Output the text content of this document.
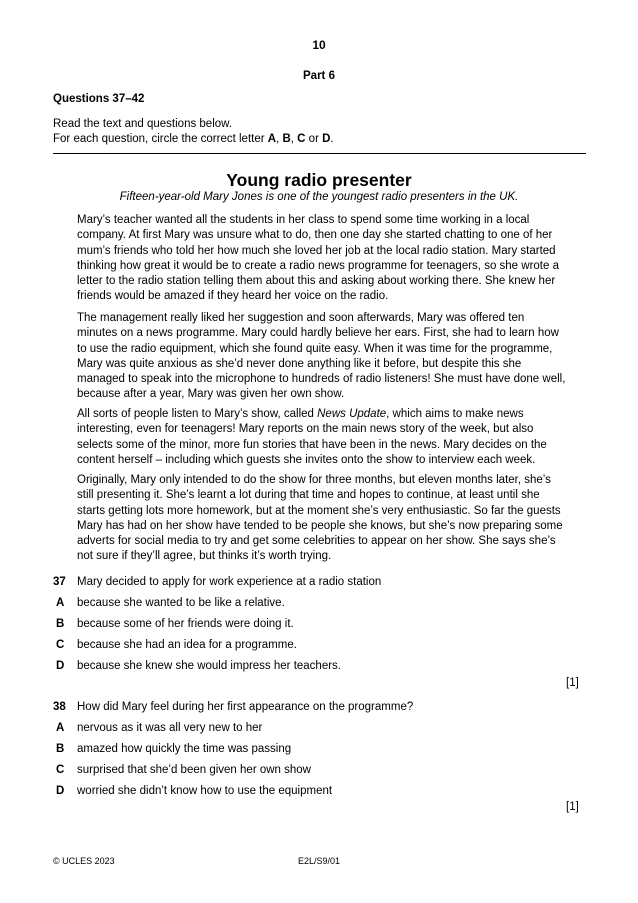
10
Part 6
Questions 37–42
Read the text and questions below.
For each question, circle the correct letter A, B, C or D.
Young radio presenter
Fifteen-year-old Mary Jones is one of the youngest radio presenters in the UK.

Mary’s teacher wanted all the students in her class to spend some time working in a local company. At first Mary was unsure what to do, then one day she started chatting to one of her mum’s friends who told her how much she loved her job at the local radio station. Mary started thinking how great it would be to create a radio news programme for teenagers, so she wrote a letter to the radio station telling them about this and asking about working there. She knew her friends would be amazed if they heard her voice on the radio.

The management really liked her suggestion and soon afterwards, Mary was offered ten minutes on a news programme. Mary could hardly believe her ears. First, she had to learn how to use the radio equipment, which she found quite easy. When it was time for the programme, Mary was quite anxious as she’d never done anything like it before, but despite this she managed to speak into the microphone to hundreds of radio listeners! She must have done well, because after a year, Mary was given her own show.

All sorts of people listen to Mary’s show, called News Update, which aims to make news interesting, even for teenagers! Mary reports on the main news story of the week, but also selects some of the minor, more fun stories that have been in the news. Mary decides on the content herself – including which guests she invites onto the show to interview each week.

Originally, Mary only intended to do the show for three months, but eleven months later, she’s still presenting it. She’s learnt a lot during that time and hopes to continue, at least until she starts getting lots more homework, but at the moment she’s very enthusiastic. So far the guests Mary has had on her show have tended to be people she knows, but she’s now preparing some adverts for social media to try and get some celebrities to appear on her show. She says she’s not sure if they’ll agree, but thinks it’s worth trying.

37 Mary decided to apply for work experience at a radio station
A because she wanted to be like a relative.
B because some of her friends were doing it.
C because she had an idea for a programme.
D because she knew she would impress her teachers.
[1]
38 How did Mary feel during her first appearance on the programme?
A nervous as it was all very new to her
B amazed how quickly the time was passing
C surprised that she’d been given her own show
D worried she didn’t know how to use the equipment
[1]
© UCLES 2023	E2L/S9/01
